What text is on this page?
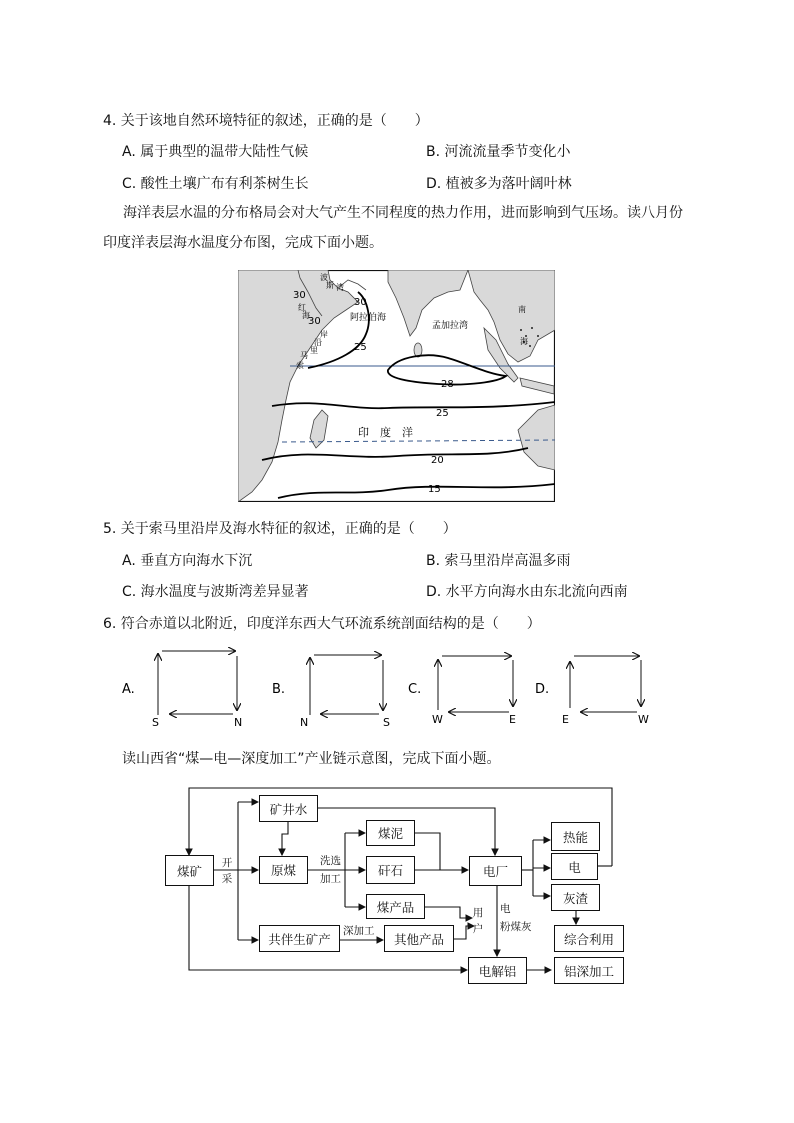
4. 关于该地自然环境特征的叙述，正确的是（　　）
A. 属于典型的温带大陆性气候	B. 河流流量季节变化小
C. 酸性土壤广布有利茶树生长	D. 植被多为落叶阔叶林
海洋表层水温的分布格局会对大气产生不同程度的热力作用，进而影响到气压场。读八月份印度洋表层海水温度分布图，完成下面小题。
30
30
30
25
28
25
20
15
阿拉伯海
孟加拉湾
印　度　洋
波
斯 湾
红
海
索
马
里
沿
岸
南
海
5. 关于索马里沿岸及海水特征的叙述，正确的是（　　）
A. 垂直方向海水下沉	B. 索马里沿岸高温多雨
C. 海水温度与波斯湾差异显著	D. 水平方向海水由东北流向西南
6. 符合赤道以北附近，印度洋东西大气环流系统剖面结构的是（　　）
A.
S	N
B.
N	S
C.
W	E
D.
E	W
读山西省“煤—电—深度加工”产业链示意图，完成下面小题。
煤矿
矿井水
原煤
煤泥
矸石
煤产品
电厂
热能
电
灰渣
综合利用
共伴生矿产	其他产品
电解铝	铝深加工
开
采
洗选
加工
深加工
用
户
电
粉煤灰
